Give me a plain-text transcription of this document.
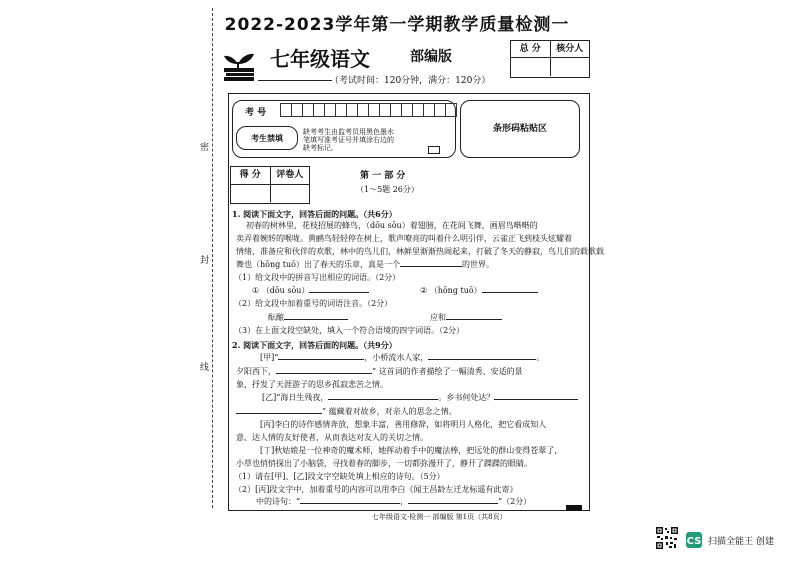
2022-2023学年第一学期教学质量检测一
七年级语文	部编版
（考试时间：120分钟，满分：120分）
总 分	核分人
密
封
线
考 号
考生禁填
缺考考生由监考员用黑色墨水
笔填写准考证号并填涂右边的
缺考标记。
条形码粘贴区
得 分	评卷人	第 一 部 分
（1～5题 26分）
1. 阅读下面文字，回答后面的问题。（共6分）
初春的树林里，花枝招展的蜂鸟，（dōu sōu）着翅膀，在花间飞舞，画眉鸟啭啭的
卖弄着婉转的喉咙。黄鹂鸟轻轻停在树上，歌声嘹亮的叫着什么明引伴，云雀正飞到枝头炫耀着
情绪，准备应和伙伴的欢歌，林中的鸟儿们，林鲜里渐渐热闹起来，打破了冬天的静寂，鸟儿们的载歌载
舞也（hōng tuō）出了春天的乐章，真是一个	的世界。
（1）给文段中的拼音写出相应的词语。（2分）
① （dōu sōu）	② （hōng tuō）
（2）给文段中加着重号的词语注音。（2分）
酝酿	应和
（3）在上面文段空缺处，填入一个符合语境的四字词语。（2分）
2. 阅读下面文字，回答后面的问题。（共9分）
[甲]“	，小桥流水人家，	。
夕阳西下，	” 这首词的作者描绘了一幅清秀、安适的景
象，抒发了天涯游子的思乡孤寂悲苦之情。
[乙]“海日生残夜，	。乡书何处达？
” 蕴藏着对故乡，对亲人的思念之情。
[丙]李白的诗作感情奔放，想象丰富，善用修辞，如将明月人格化，把它看成知人
意、达人情的友好使者，从而表达对友人的关切之情。
[丁]秋姑娘是一位神奇的魔术师，她挥动着手中的魔法棒，把远处的群山变得苍翠了，
小草也悄悄探出了小脑袋，寻找着春的脚步，一切都弥漫开了，静开了蹀蹀的眼睛。
（1）请在[甲]、[乙]段文字空缺处填上相应的诗句。（5分）
（2）[丙]段文字中，加着重号的内容可以用李白《闻王昌龄左迁龙标遥有此寄》
中的诗句：“	，	”（2分）
七年级语文·检测一 部编版 第1页（共8页）
CS 扫描全能王 创建
